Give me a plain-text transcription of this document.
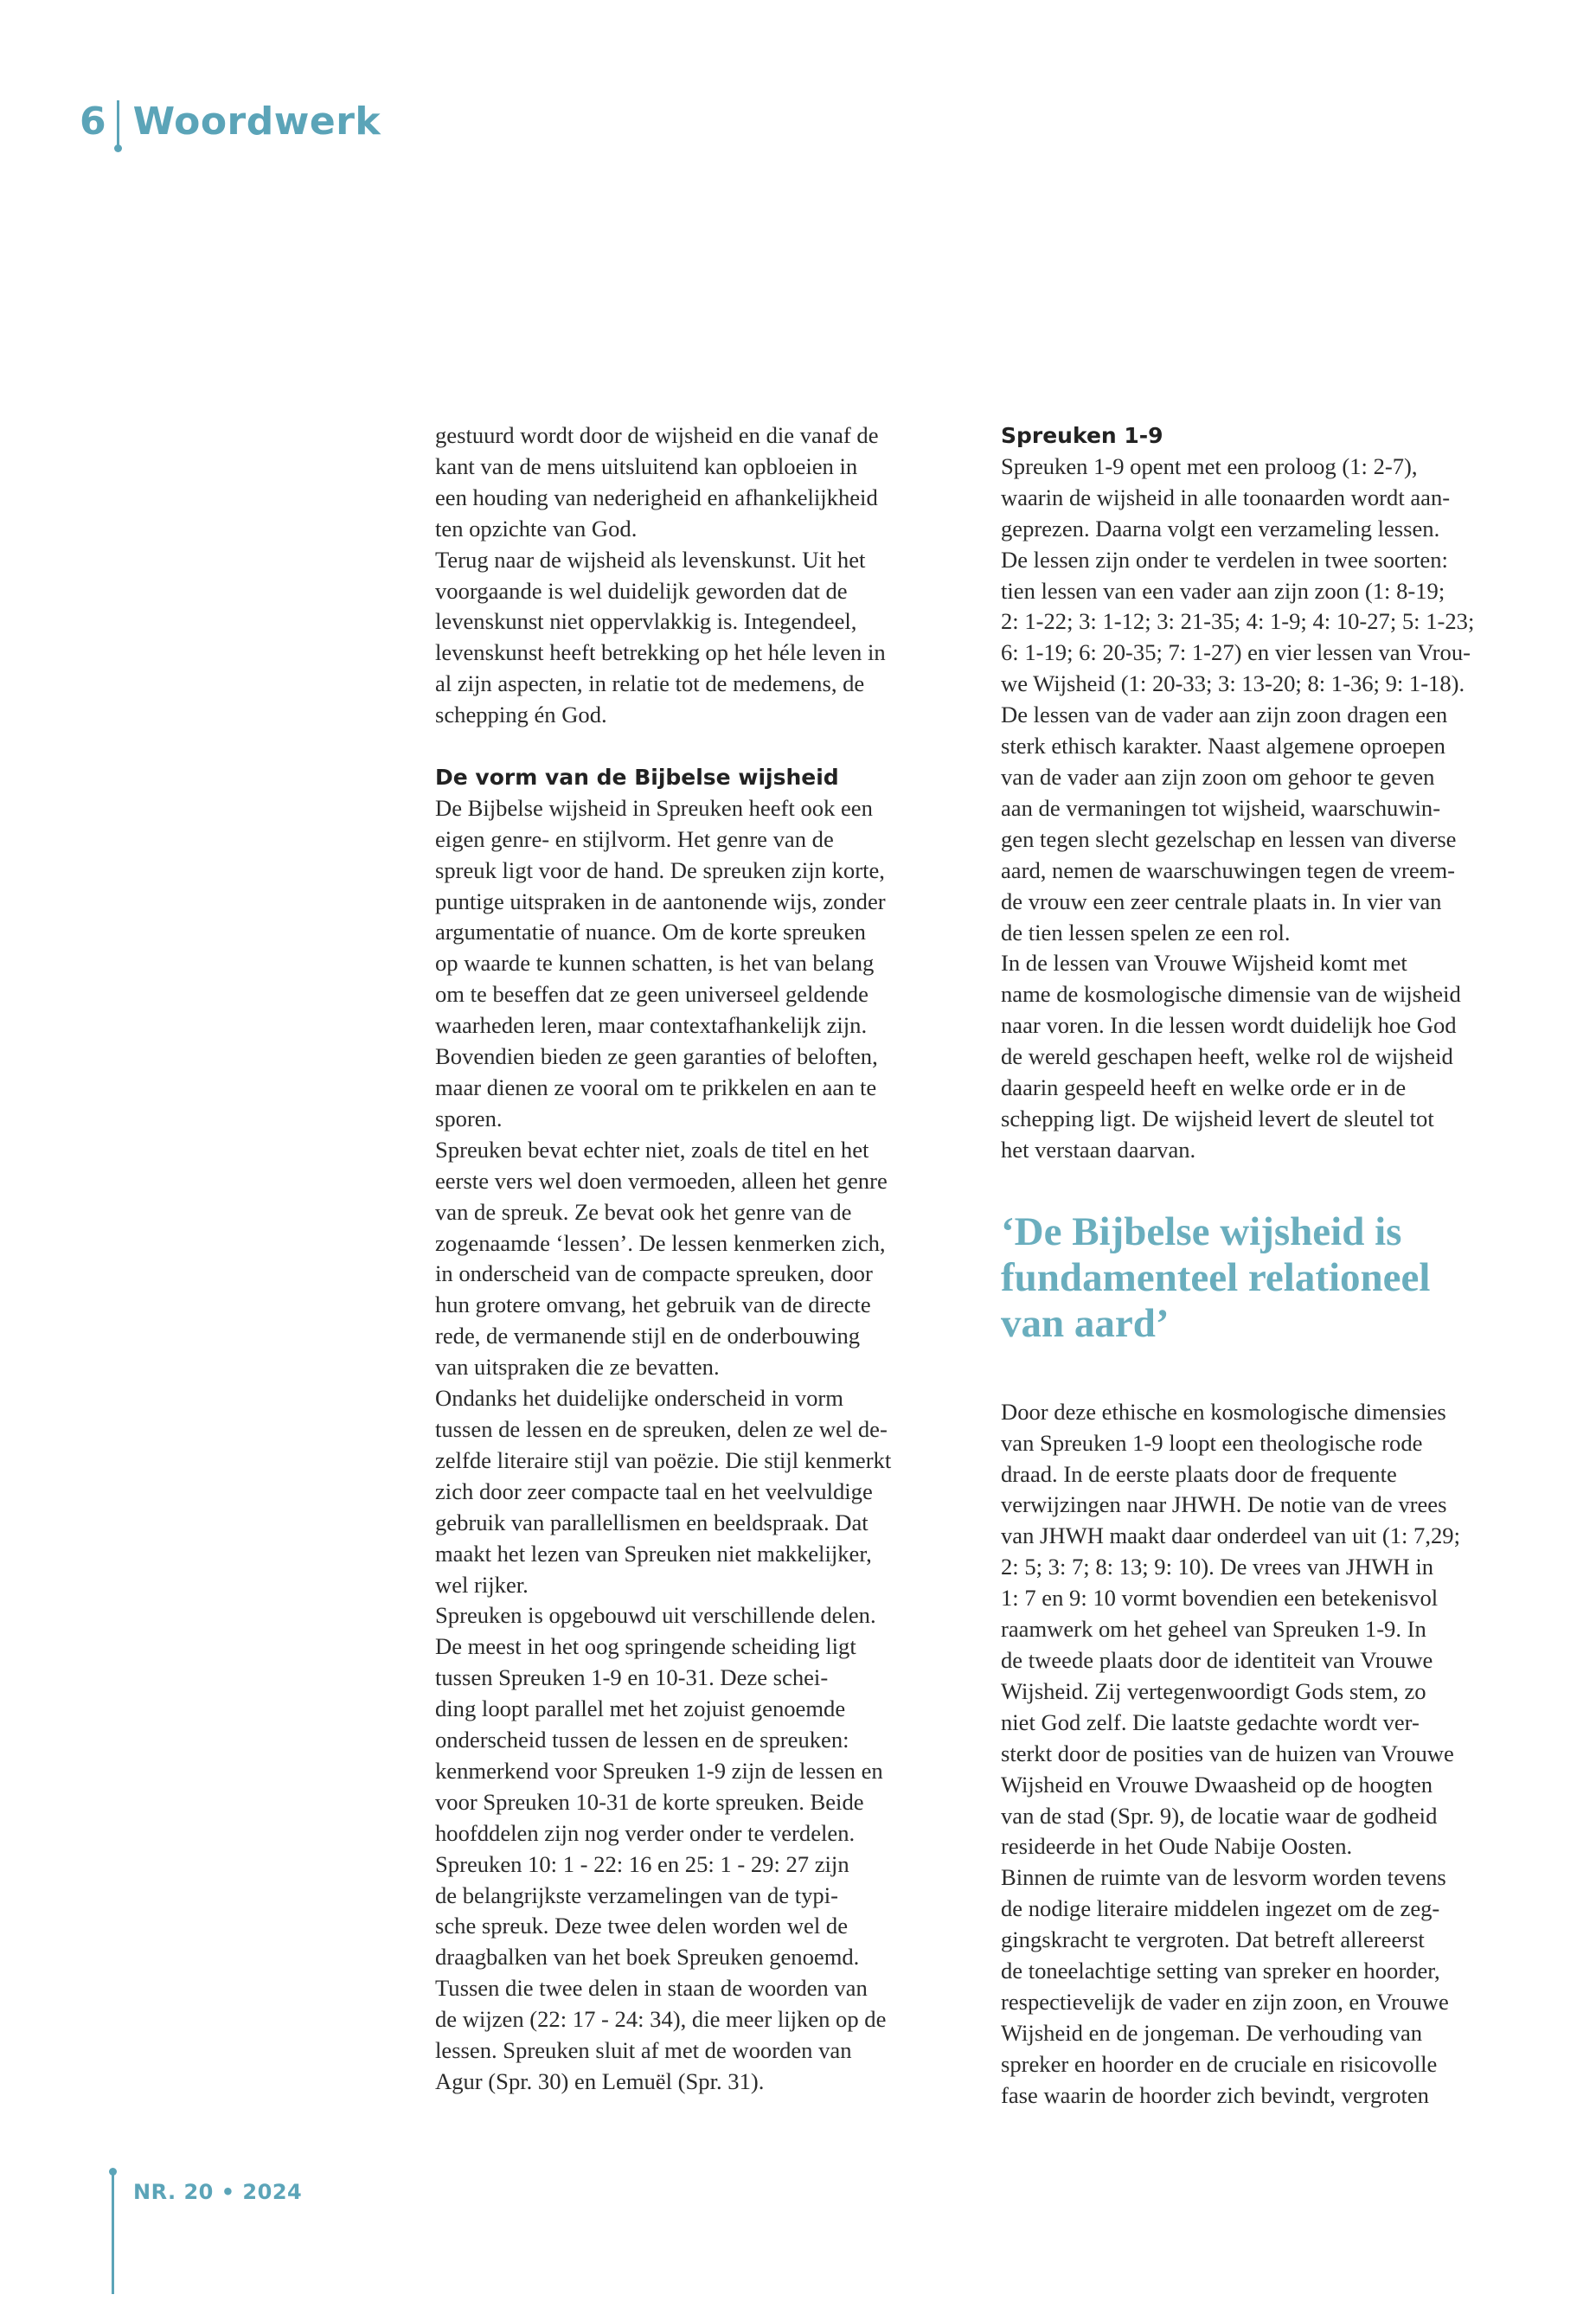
6 Woordwerk

gestuurd wordt door de wijsheid en die vanaf de
kant van de mens uitsluitend kan opbloeien in
een houding van nederigheid en afhankelijkheid
ten opzichte van God.
Terug naar de wijsheid als levenskunst. Uit het
voorgaande is wel duidelijk geworden dat de
levenskunst niet oppervlakkig is. Integendeel,
levenskunst heeft betrekking op het héle leven in
al zijn aspecten, in relatie tot de medemens, de
schepping én God.

De vorm van de Bijbelse wijsheid

De Bijbelse wijsheid in Spreuken heeft ook een
eigen genre- en stijlvorm. Het genre van de
spreuk ligt voor de hand. De spreuken zijn korte,
puntige uitspraken in de aantonende wijs, zonder
argumentatie of nuance. Om de korte spreuken
op waarde te kunnen schatten, is het van belang
om te beseffen dat ze geen universeel geldende
waarheden leren, maar contextafhankelijk zijn.
Bovendien bieden ze geen garanties of beloften,
maar dienen ze vooral om te prikkelen en aan te
sporen.
Spreuken bevat echter niet, zoals de titel en het
eerste vers wel doen vermoeden, alleen het genre
van de spreuk. Ze bevat ook het genre van de
zogenaamde ‘lessen’. De lessen kenmerken zich,
in onderscheid van de compacte spreuken, door
hun grotere omvang, het gebruik van de directe
rede, de vermanende stijl en de onderbouwing
van uitspraken die ze bevatten.
Ondanks het duidelijke onderscheid in vorm
tussen de lessen en de spreuken, delen ze wel de-
zelfde literaire stijl van poëzie. Die stijl kenmerkt
zich door zeer compacte taal en het veelvuldige
gebruik van parallellismen en beeldspraak. Dat
maakt het lezen van Spreuken niet makkelijker,
wel rijker.
Spreuken is opgebouwd uit verschillende delen.
De meest in het oog springende scheiding ligt
tussen Spreuken 1-9 en 10-31. Deze schei-
ding loopt parallel met het zojuist genoemde
onderscheid tussen de lessen en de spreuken:
kenmerkend voor Spreuken 1-9 zijn de lessen en
voor Spreuken 10-31 de korte spreuken. Beide
hoofddelen zijn nog verder onder te verdelen.
Spreuken 10: 1 - 22: 16 en 25: 1 - 29: 27 zijn
de belangrijkste verzamelingen van de typi-
sche spreuk. Deze twee delen worden wel de
draagbalken van het boek Spreuken genoemd.
Tussen die twee delen in staan de woorden van
de wijzen (22: 17 - 24: 34), die meer lijken op de
lessen. Spreuken sluit af met de woorden van
Agur (Spr. 30) en Lemuël (Spr. 31).

Spreuken 1-9

Spreuken 1-9 opent met een proloog (1: 2-7),
waarin de wijsheid in alle toonaarden wordt aan-
geprezen. Daarna volgt een verzameling lessen.
De lessen zijn onder te verdelen in twee soorten:
tien lessen van een vader aan zijn zoon (1: 8-19;
2: 1-22; 3: 1-12; 3: 21-35; 4: 1-9; 4: 10-27; 5: 1-23;
6: 1-19; 6: 20-35; 7: 1-27) en vier lessen van Vrou-
we Wijsheid (1: 20-33; 3: 13-20; 8: 1-36; 9: 1-18).
De lessen van de vader aan zijn zoon dragen een
sterk ethisch karakter. Naast algemene oproepen
van de vader aan zijn zoon om gehoor te geven
aan de vermaningen tot wijsheid, waarschuwin-
gen tegen slecht gezelschap en lessen van diverse
aard, nemen de waarschuwingen tegen de vreem-
de vrouw een zeer centrale plaats in. In vier van
de tien lessen spelen ze een rol.
In de lessen van Vrouwe Wijsheid komt met
name de kosmologische dimensie van de wijsheid
naar voren. In die lessen wordt duidelijk hoe God
de wereld geschapen heeft, welke rol de wijsheid
daarin gespeeld heeft en welke orde er in de
schepping ligt. De wijsheid levert de sleutel tot
het verstaan daarvan.

‘De Bijbelse wijsheid is
fundamenteel relationeel
van aard’

Door deze ethische en kosmologische dimensies
van Spreuken 1-9 loopt een theologische rode
draad. In de eerste plaats door de frequente
verwijzingen naar JHWH. De notie van de vrees
van JHWH maakt daar onderdeel van uit (1: 7,29;
2: 5; 3: 7; 8: 13; 9: 10). De vrees van JHWH in
1: 7 en 9: 10 vormt bovendien een betekenisvol
raamwerk om het geheel van Spreuken 1-9. In
de tweede plaats door de identiteit van Vrouwe
Wijsheid. Zij vertegenwoordigt Gods stem, zo
niet God zelf. Die laatste gedachte wordt ver-
sterkt door de posities van de huizen van Vrouwe
Wijsheid en Vrouwe Dwaasheid op de hoogten
van de stad (Spr. 9), de locatie waar de godheid
resideerde in het Oude Nabije Oosten.
Binnen de ruimte van de lesvorm worden tevens
de nodige literaire middelen ingezet om de zeg-
gingskracht te vergroten. Dat betreft allereerst
de toneelachtige setting van spreker en hoorder,
respectievelijk de vader en zijn zoon, en Vrouwe
Wijsheid en de jongeman. De verhouding van
spreker en hoorder en de cruciale en risicovolle
fase waarin de hoorder zich bevindt, vergroten

NR. 20 • 2024
